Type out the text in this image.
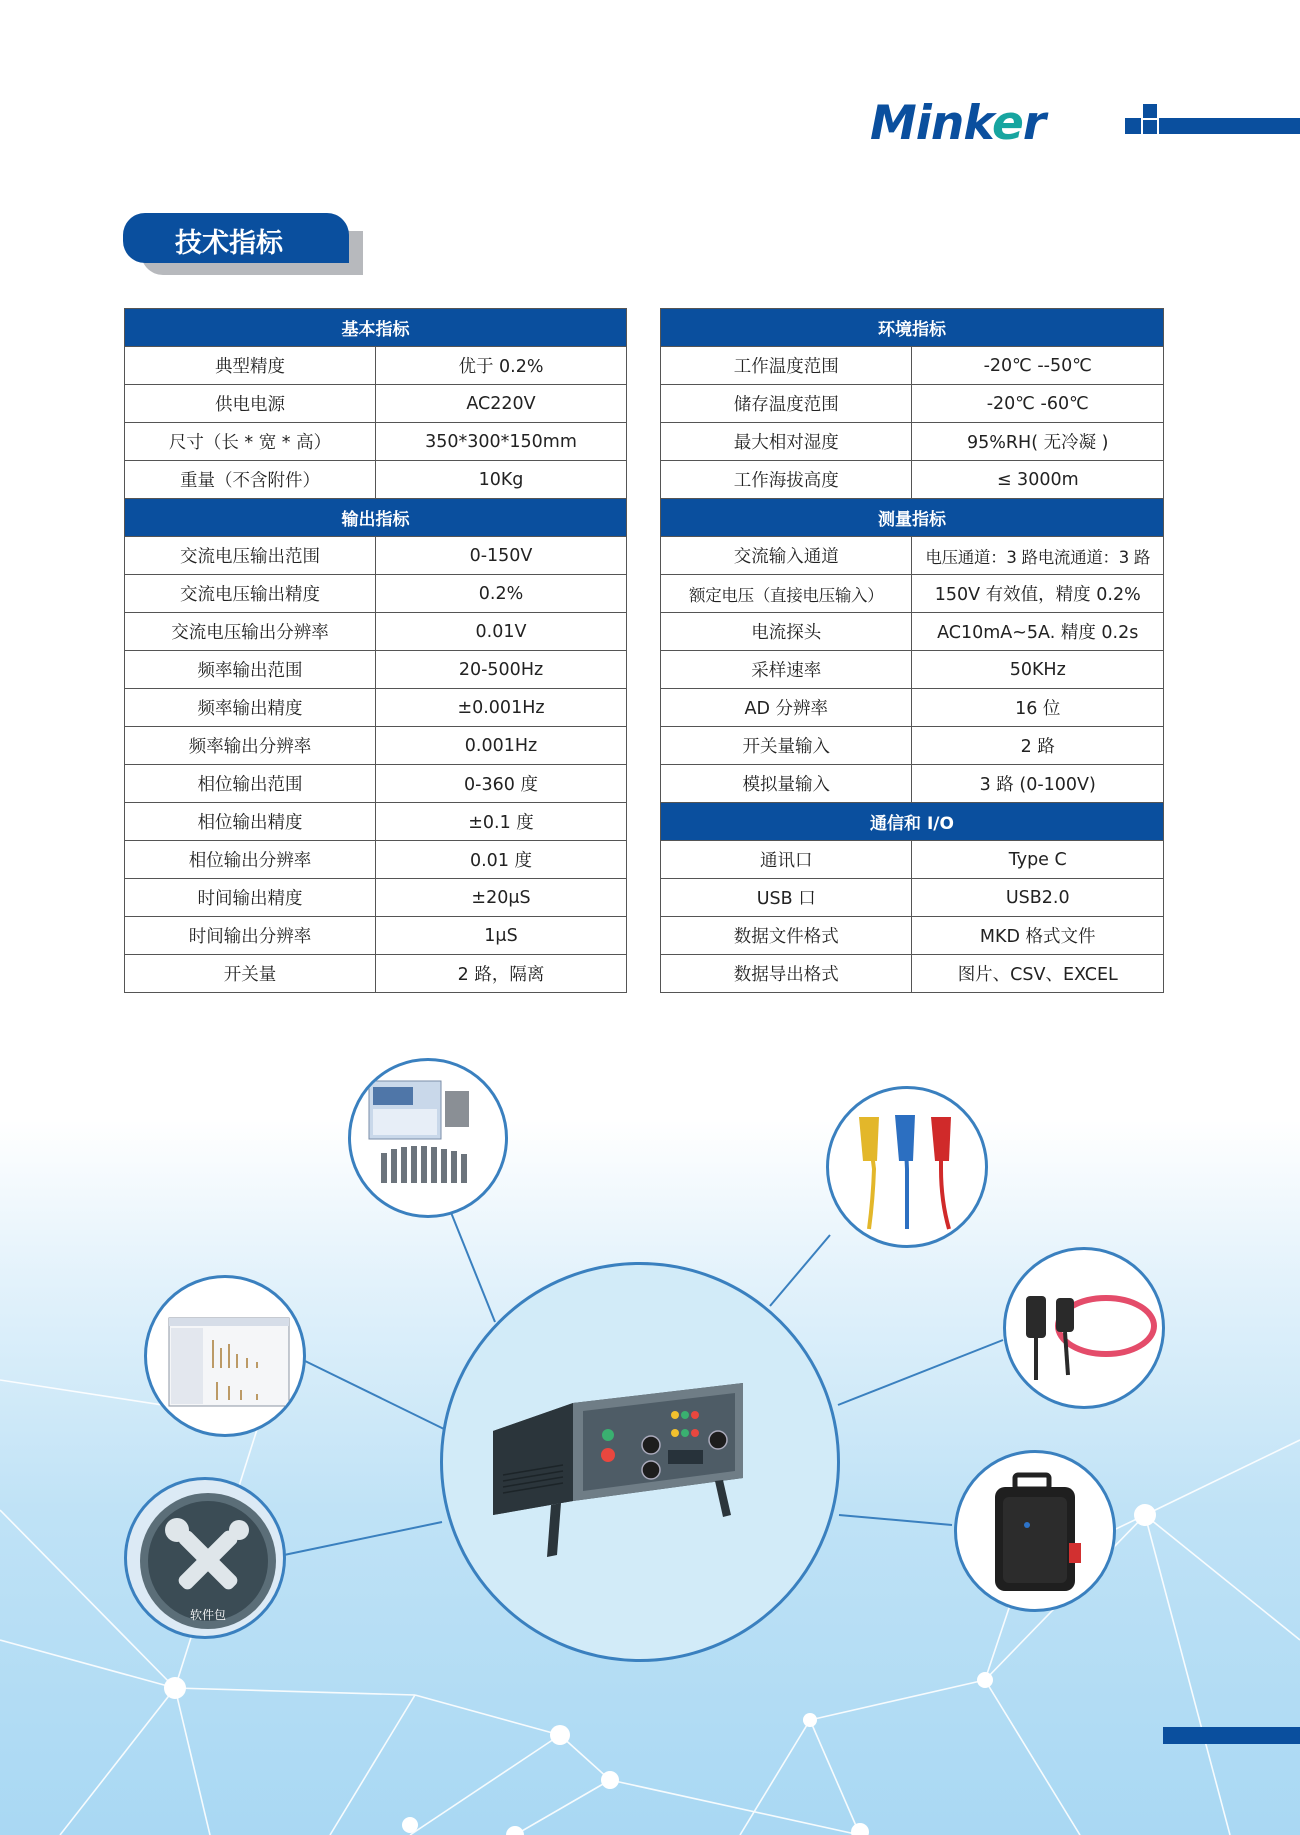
Minker
技术指标
基本指标	
典型精度	优于 0.2%
供电电源	AC220V
尺寸（长 * 宽 * 高）	350*300*150mm
重量（不含附件）	10Kg
输出指标	
交流电压输出范围	0-150V
交流电压输出精度	0.2%
交流电压输出分辨率	0.01V
频率输出范围	20-500Hz
频率输出精度	±0.001Hz
频率输出分辨率	0.001Hz
相位输出范围	0-360 度
相位输出精度	±0.1 度
相位输出分辨率	0.01 度
时间输出精度	±20μS
时间输出分辨率	1μS
开关量	2 路，隔离
环境指标	
工作温度范围	-20℃ --50℃
储存温度范围	-20℃ -60℃
最大相对湿度	95%RH( 无冷凝 )
工作海拔高度	≤ 3000m
测量指标	
交流输入通道	电压通道：3 路电流通道：3 路
额定电压（直接电压输入）	150V 有效值，精度 0.2%
电流探头	AC10mA~5A. 精度 0.2s
采样速率	50KHz
AD 分辨率	16 位
开关量输入	2 路
模拟量输入	3 路 (0-100V)
通信和 I/O	
通讯口	Type C
USB 口	USB2.0
数据文件格式	MKD 格式文件
数据导出格式	图片、CSV、EXCEL
软件包
